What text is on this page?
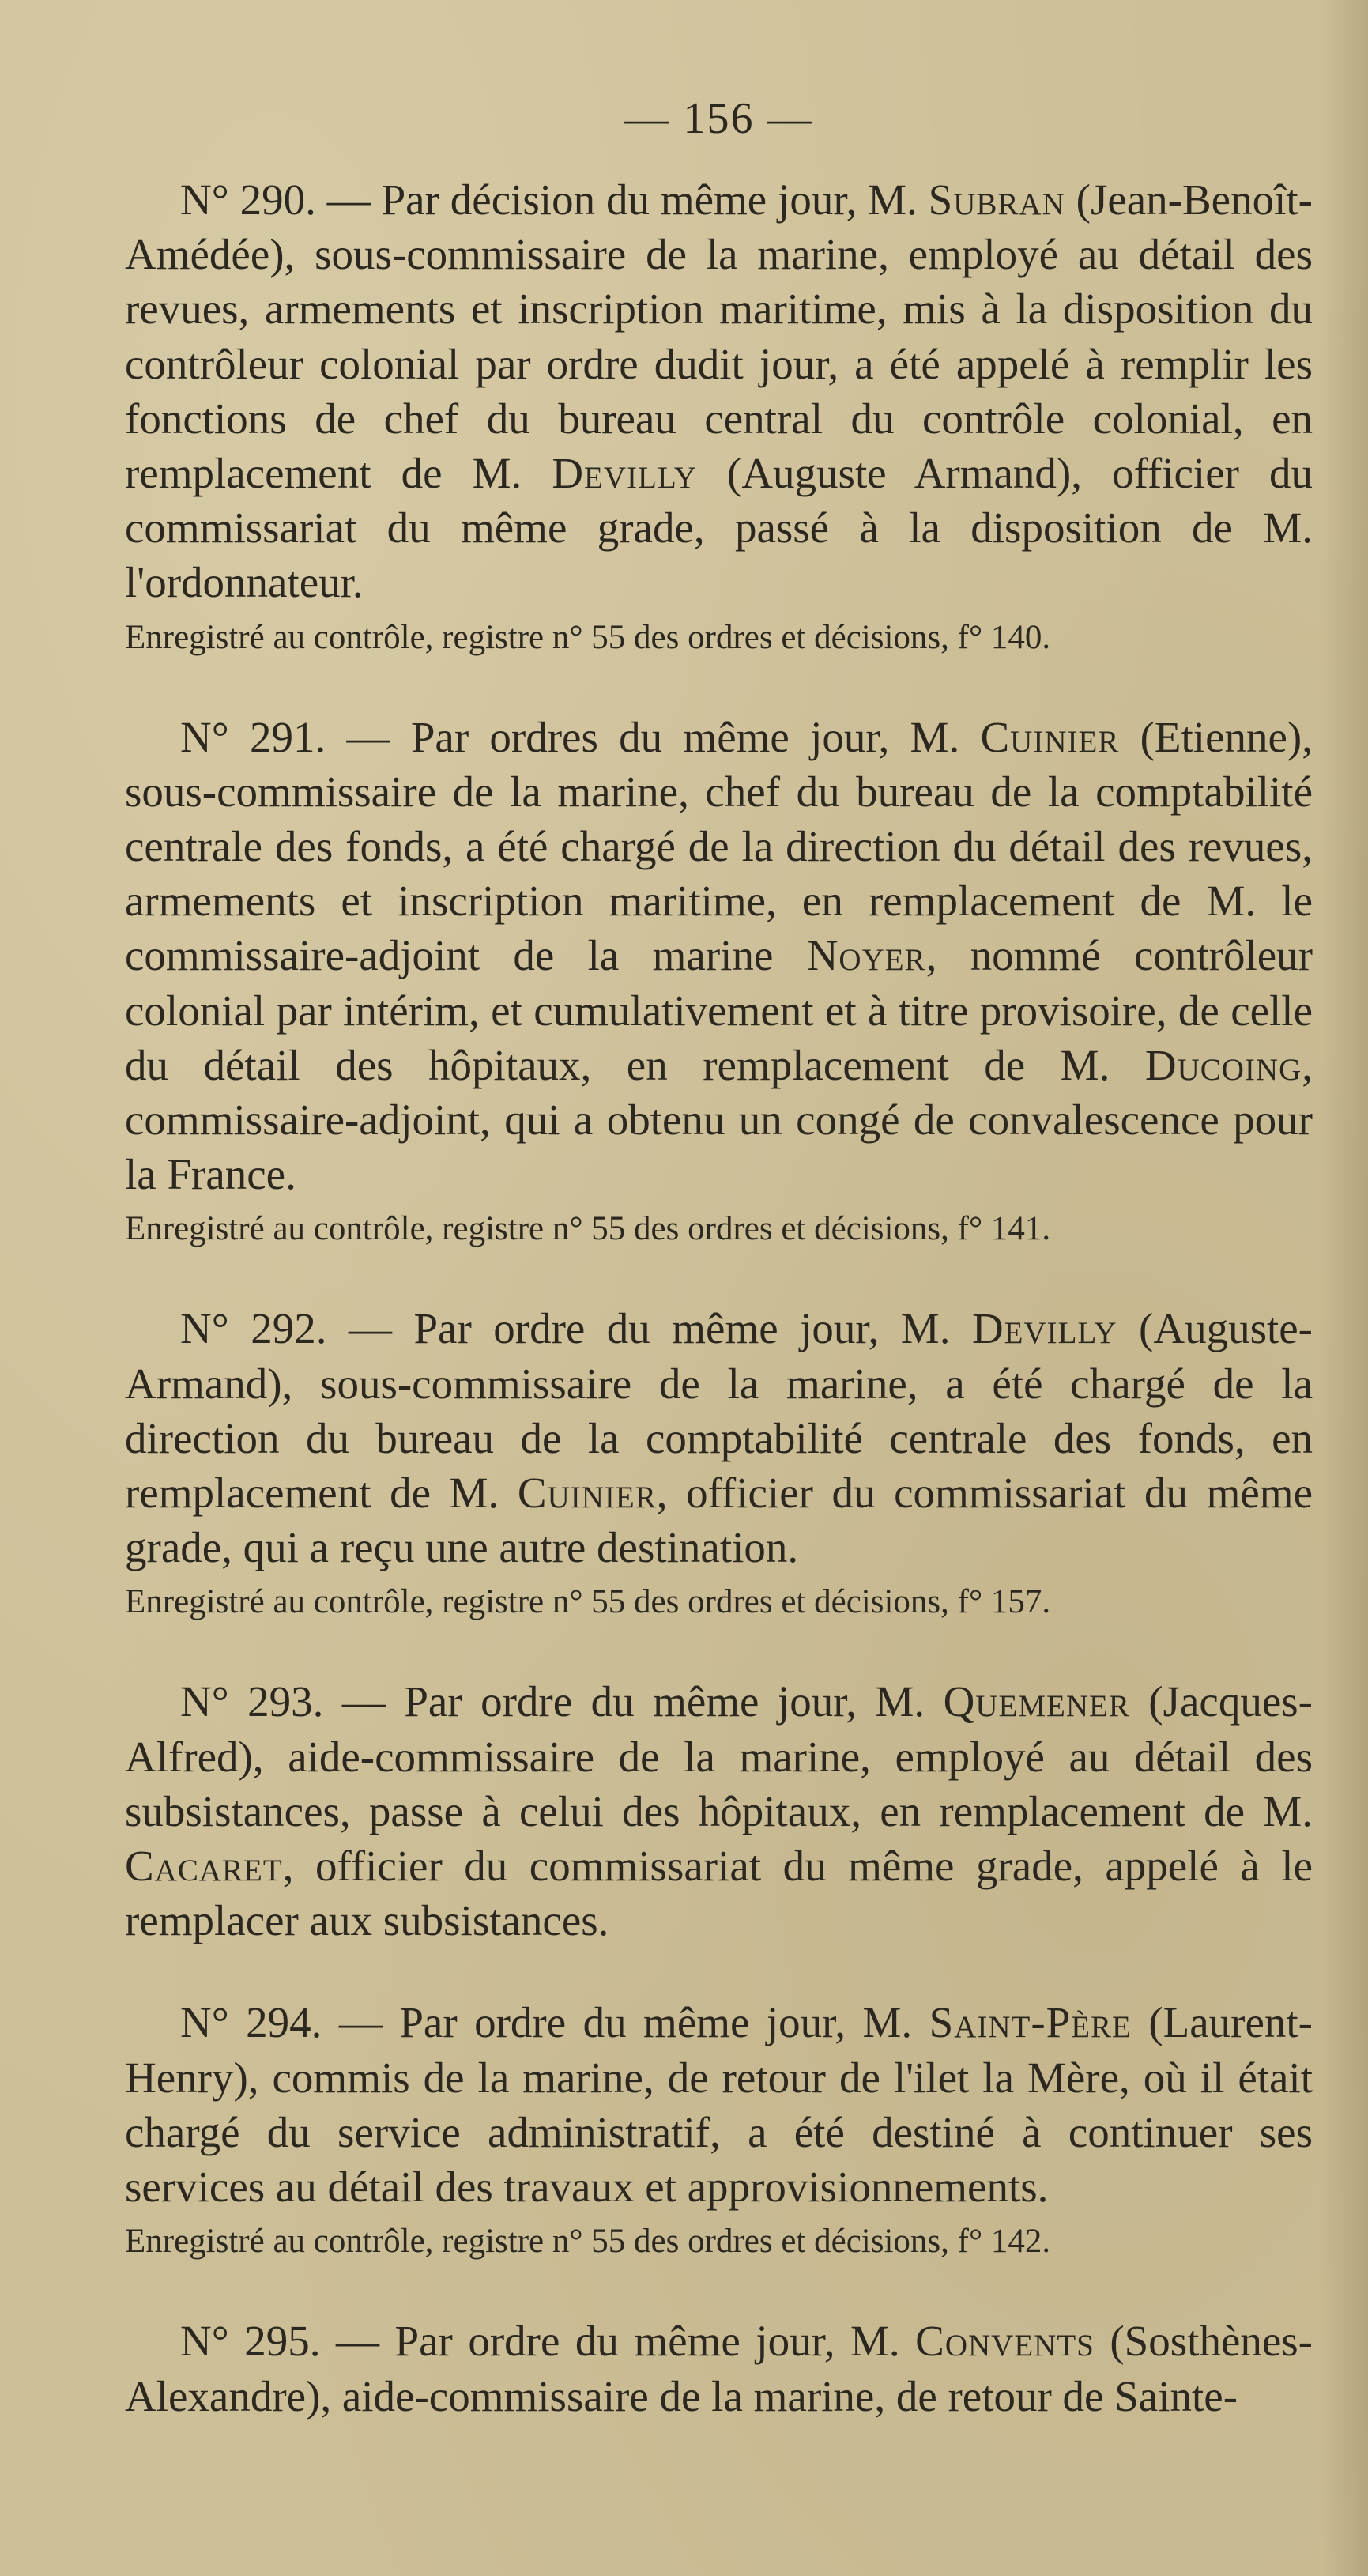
— 156 —

N° 290. — Par décision du même jour, M. Subran (Jean-Benoît-Amédée), sous-commissaire de la marine, employé au détail des revues, armements et inscription maritime, mis à la disposition du contrôleur colonial par ordre dudit jour, a été appelé à remplir les fonctions de chef du bureau central du contrôle colonial, en remplacement de M. Devilly (Auguste Armand), officier du commissariat du même grade, passé à la disposition de M. l'ordonnateur.

Enregistré au contrôle, registre n° 55 des ordres et décisions, f° 140.

N° 291. — Par ordres du même jour, M. Cuinier (Etienne), sous-commissaire de la marine, chef du bureau de la comptabilité centrale des fonds, a été chargé de la direction du détail des revues, armements et inscription maritime, en remplacement de M. le commissaire-adjoint de la marine Noyer, nommé contrôleur colonial par intérim, et cumulativement et à titre provisoire, de celle du détail des hôpitaux, en remplacement de M. Ducoing, commissaire-adjoint, qui a obtenu un congé de convalescence pour la France.

Enregistré au contrôle, registre n° 55 des ordres et décisions, f° 141.

N° 292. — Par ordre du même jour, M. Devilly (Auguste-Armand), sous-commissaire de la marine, a été chargé de la direction du bureau de la comptabilité centrale des fonds, en remplacement de M. Cuinier, officier du commissariat du même grade, qui a reçu une autre destination.

Enregistré au contrôle, registre n° 55 des ordres et décisions, f° 157.

N° 293. — Par ordre du même jour, M. Quemener (Jacques-Alfred), aide-commissaire de la marine, employé au détail des subsistances, passe à celui des hôpitaux, en remplacement de M. Cacaret, officier du commissariat du même grade, appelé à le remplacer aux subsistances.

N° 294. — Par ordre du même jour, M. Saint-Père (Laurent-Henry), commis de la marine, de retour de l'ilet la Mère, où il était chargé du service administratif, a été destiné à continuer ses services au détail des travaux et approvisionnements.

Enregistré au contrôle, registre n° 55 des ordres et décisions, f° 142.

N° 295. — Par ordre du même jour, M. Convents (Sosthènes-Alexandre), aide-commissaire de la marine, de retour de Sainte-
